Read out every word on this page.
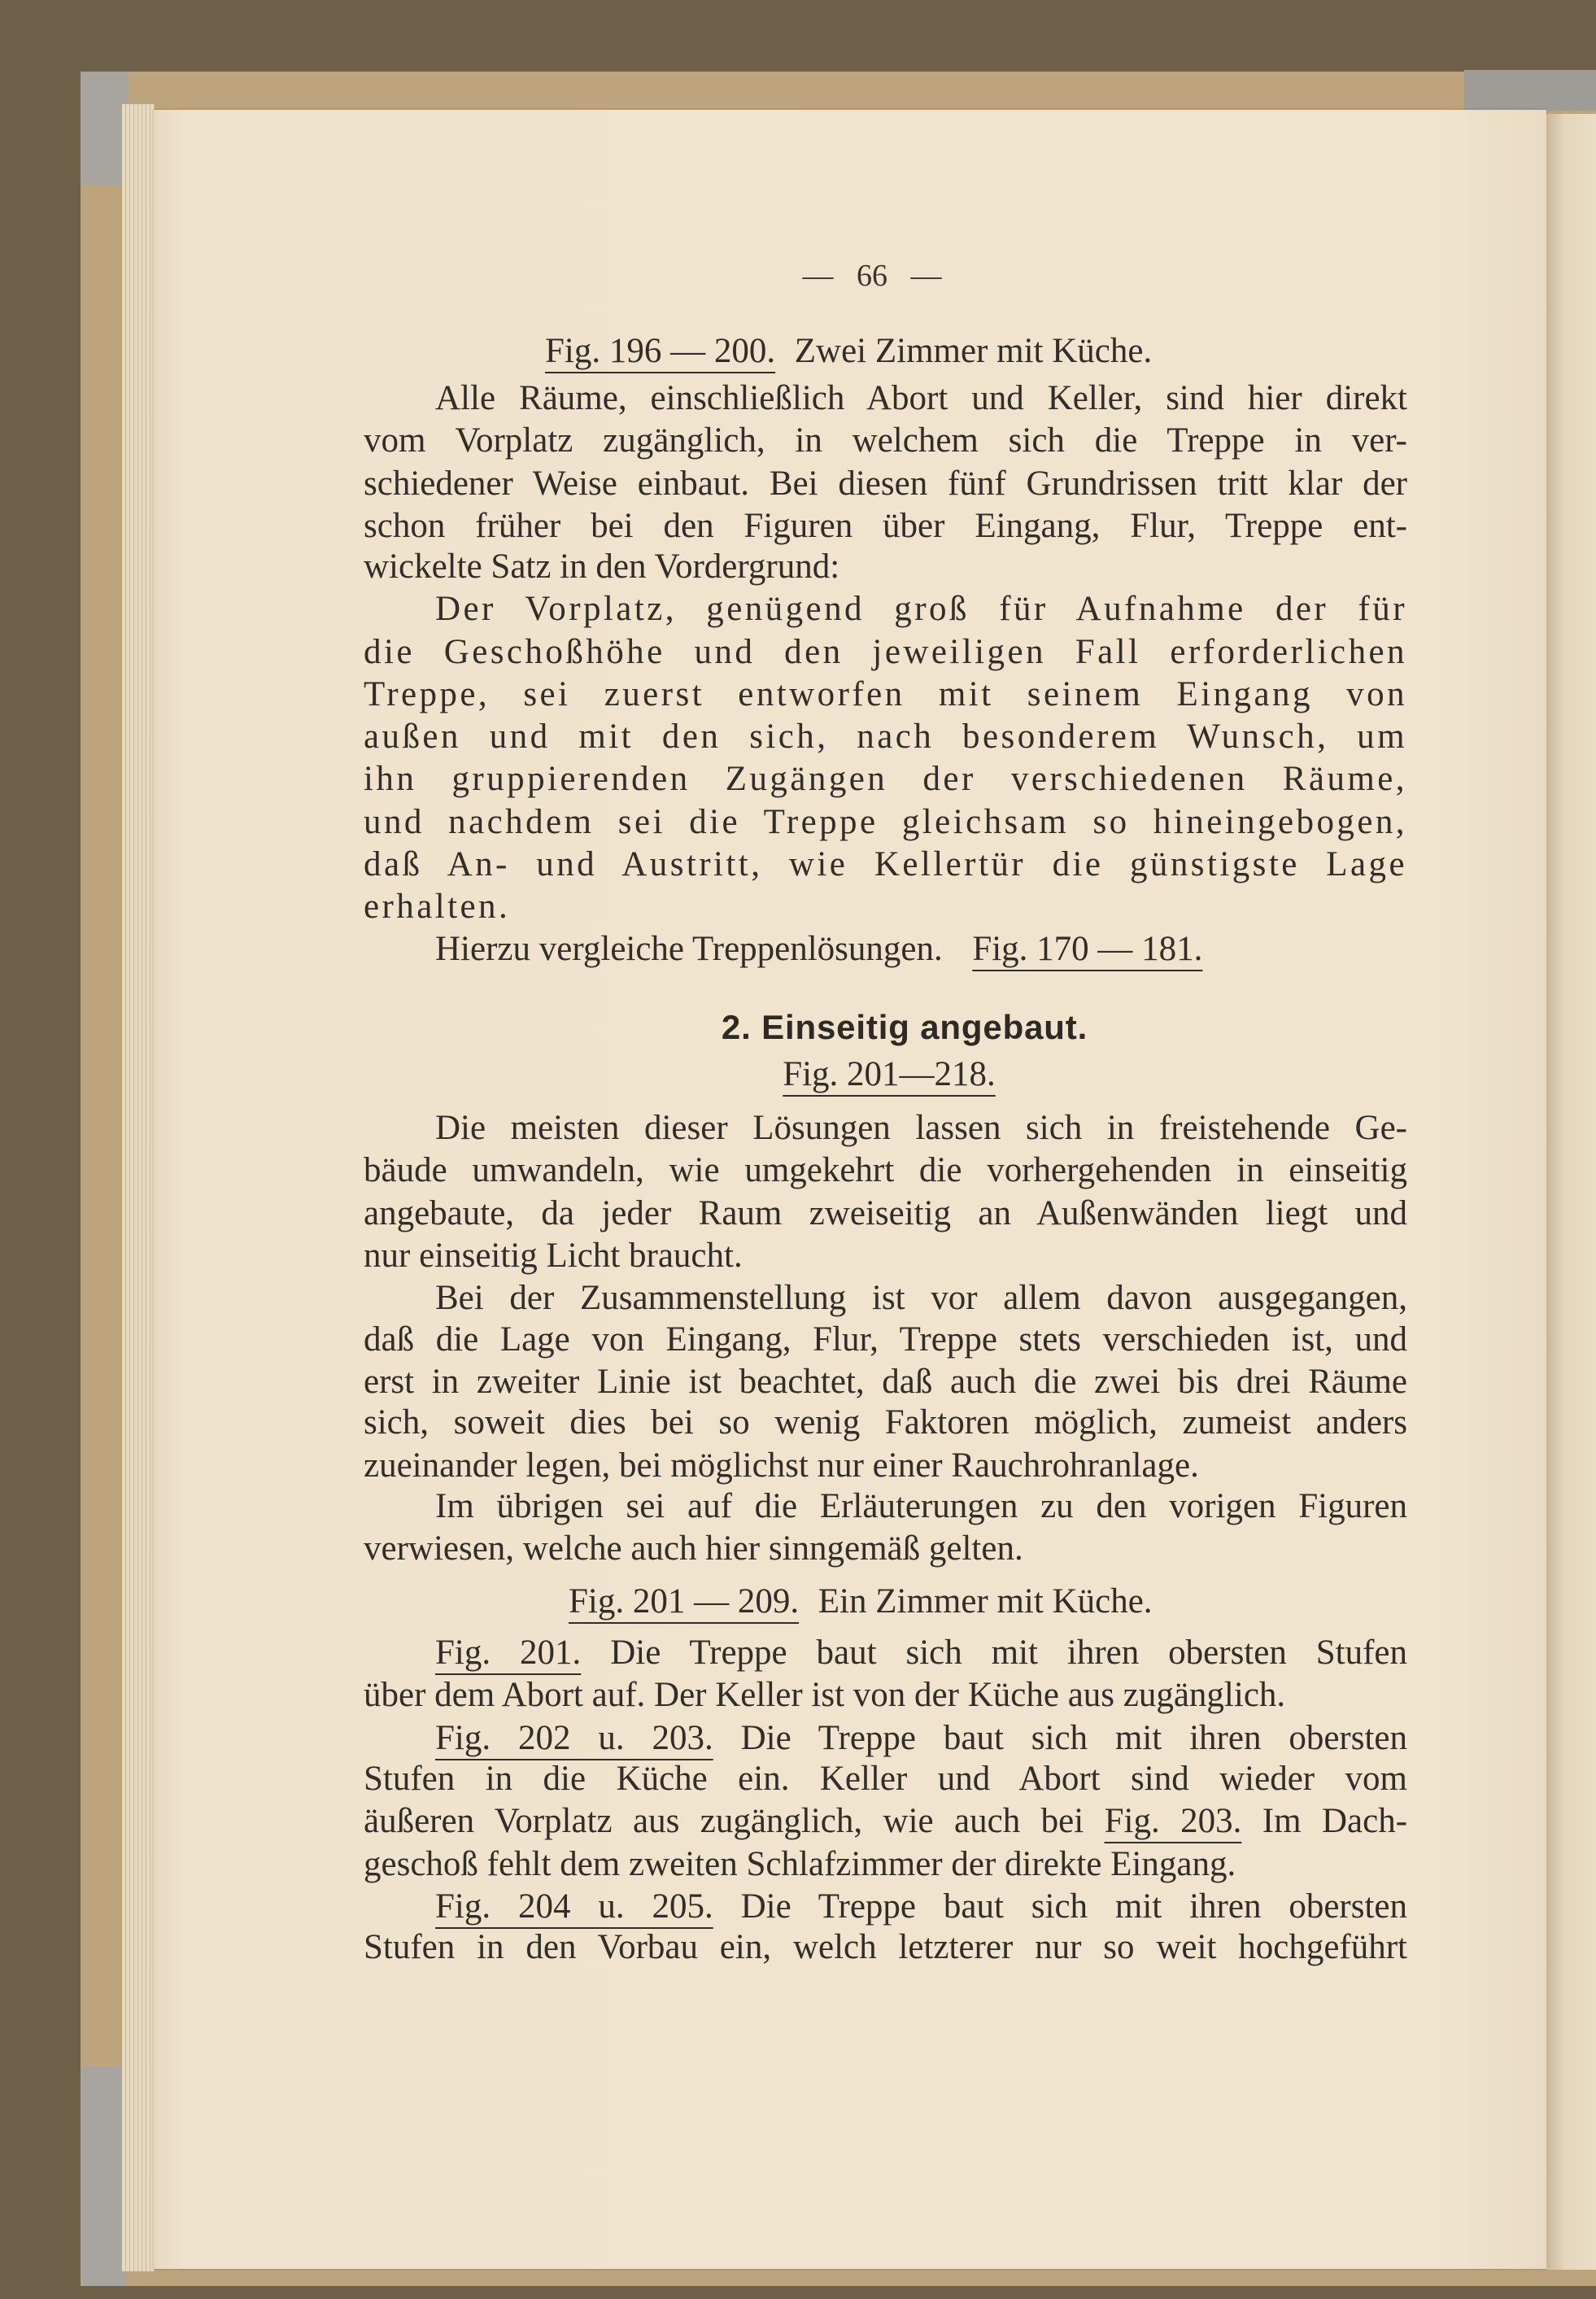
— 66 —
Fig. 196 — 200. Zwei Zimmer mit Küche.
Alle Räume, einschließlich Abort und Keller, sind hier direkt
vom Vorplatz zugänglich, in welchem sich die Treppe in ver-
schiedener Weise einbaut. Bei diesen fünf Grundrissen tritt klar der
schon früher bei den Figuren über Eingang, Flur, Treppe ent-
wickelte Satz in den Vordergrund:
Der Vorplatz, genügend groß für Aufnahme der für
die Geschoßhöhe und den jeweiligen Fall erforderlichen
Treppe, sei zuerst entworfen mit seinem Eingang von
außen und mit den sich, nach besonderem Wunsch, um
ihn gruppierenden Zugängen der verschiedenen Räume,
und nachdem sei die Treppe gleichsam so hineingebogen,
daß An- und Austritt, wie Kellertür die günstigste Lage
erhalten.
Hierzu vergleiche Treppenlösungen. Fig. 170 — 181.
2. Einseitig angebaut.
Fig. 201—218.
Die meisten dieser Lösungen lassen sich in freistehende Ge-
bäude umwandeln, wie umgekehrt die vorhergehenden in einseitig
angebaute, da jeder Raum zweiseitig an Außenwänden liegt und
nur einseitig Licht braucht.
Bei der Zusammenstellung ist vor allem davon ausgegangen,
daß die Lage von Eingang, Flur, Treppe stets verschieden ist, und
erst in zweiter Linie ist beachtet, daß auch die zwei bis drei Räume
sich, soweit dies bei so wenig Faktoren möglich, zumeist anders
zueinander legen, bei möglichst nur einer Rauchrohranlage.
Im übrigen sei auf die Erläuterungen zu den vorigen Figuren
verwiesen, welche auch hier sinngemäß gelten.
Fig. 201 — 209. Ein Zimmer mit Küche.
Fig. 201. Die Treppe baut sich mit ihren obersten Stufen
über dem Abort auf. Der Keller ist von der Küche aus zugänglich.
Fig. 202 u. 203. Die Treppe baut sich mit ihren obersten
Stufen in die Küche ein. Keller und Abort sind wieder vom
äußeren Vorplatz aus zugänglich, wie auch bei Fig. 203. Im Dach-
geschoß fehlt dem zweiten Schlafzimmer der direkte Eingang.
Fig. 204 u. 205. Die Treppe baut sich mit ihren obersten
Stufen in den Vorbau ein, welch letzterer nur so weit hochgeführt
